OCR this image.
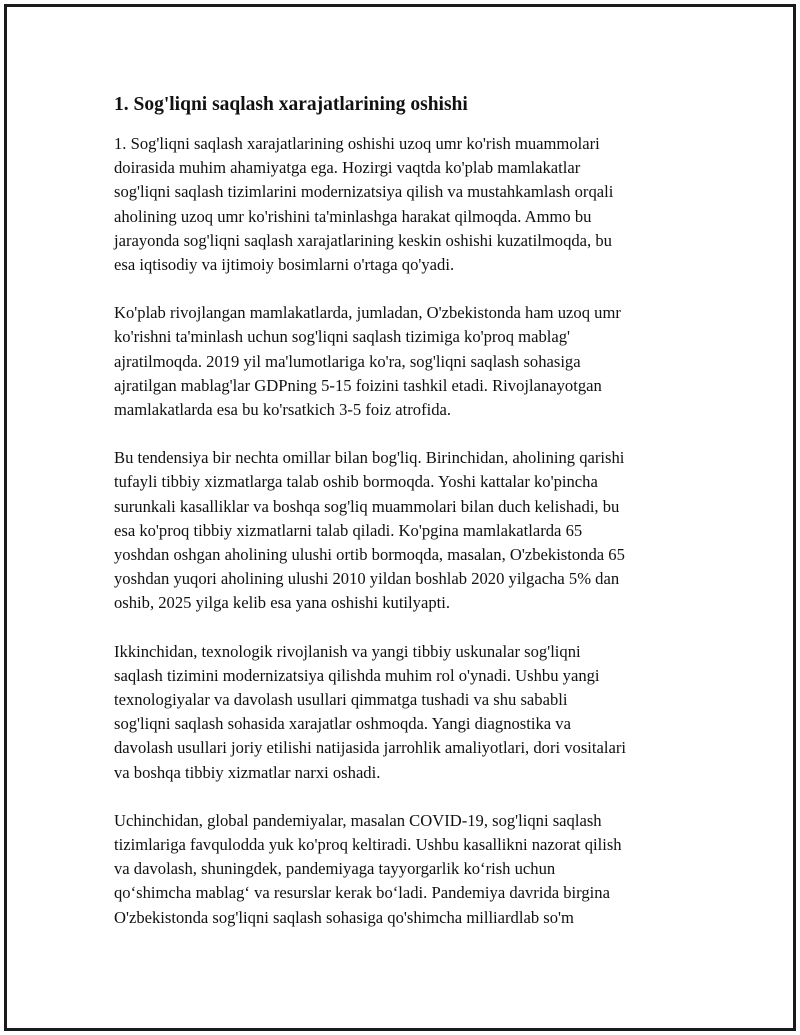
1. Sog'liqni saqlash xarajatlarining oshishi

1. Sog'liqni saqlash xarajatlarining oshishi uzoq umr ko'rish muammolari
doirasida muhim ahamiyatga ega. Hozirgi vaqtda ko'plab mamlakatlar
sog'liqni saqlash tizimlarini modernizatsiya qilish va mustahkamlash orqali
aholining uzoq umr ko'rishini ta'minlashga harakat qilmoqda. Ammo bu
jarayonda sog'liqni saqlash xarajatlarining keskin oshishi kuzatilmoqda, bu
esa iqtisodiy va ijtimoiy bosimlarni o'rtaga qo'yadi.

Ko'plab rivojlangan mamlakatlarda, jumladan, O'zbekistonda ham uzoq umr
ko'rishni ta'minlash uchun sog'liqni saqlash tizimiga ko'proq mablag'
ajratilmoqda. 2019 yil ma'lumotlariga ko'ra, sog'liqni saqlash sohasiga
ajratilgan mablag'lar GDPning 5-15 foizini tashkil etadi. Rivojlanayotgan
mamlakatlarda esa bu ko'rsatkich 3-5 foiz atrofida.

Bu tendensiya bir nechta omillar bilan bog'liq. Birinchidan, aholining qarishi
tufayli tibbiy xizmatlarga talab oshib bormoqda. Yoshi kattalar ko'pincha
surunkali kasalliklar va boshqa sog'liq muammolari bilan duch kelishadi, bu
esa ko'proq tibbiy xizmatlarni talab qiladi. Ko'pgina mamlakatlarda 65
yoshdan oshgan aholining ulushi ortib bormoqda, masalan, O'zbekistonda 65
yoshdan yuqori aholining ulushi 2010 yildan boshlab 2020 yilgacha 5% dan
oshib, 2025 yilga kelib esa yana oshishi kutilyapti.

Ikkinchidan, texnologik rivojlanish va yangi tibbiy uskunalar sog'liqni
saqlash tizimini modernizatsiya qilishda muhim rol o'ynadi. Ushbu yangi
texnologiyalar va davolash usullari qimmatga tushadi va shu sababli
sog'liqni saqlash sohasida xarajatlar oshmoqda. Yangi diagnostika va
davolash usullari joriy etilishi natijasida jarrohlik amaliyotlari, dori vositalari
va boshqa tibbiy xizmatlar narxi oshadi.

Uchinchidan, global pandemiyalar, masalan COVID-19, sog'liqni saqlash
tizimlariga favqulodda yuk ko'proq keltiradi. Ushbu kasallikni nazorat qilish
va davolash, shuningdek, pandemiyaga tayyorgarlik ko‘rish uchun
qo‘shimcha mablag‘ va resurslar kerak bo‘ladi. Pandemiya davrida birgina
O'zbekistonda sog'liqni saqlash sohasiga qo'shimcha milliardlab so'm
